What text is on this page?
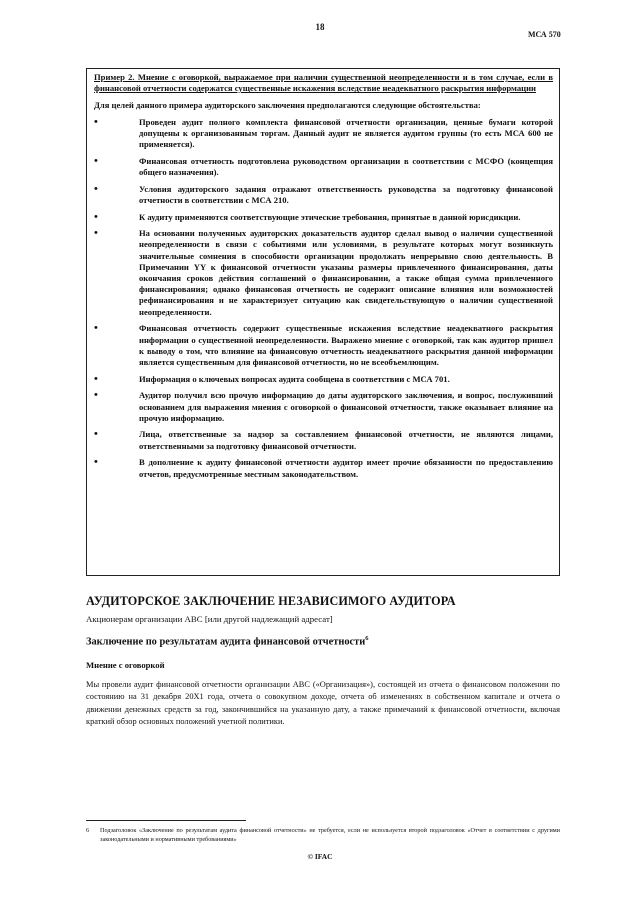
18
МСА 570

Пример 2. Мнение с оговоркой, выражаемое при наличии существенной неопределенности и в том случае, если в финансовой отчетности содержатся существенные искажения вследствие неадекватного раскрытия информации

Для целей данного примера аудиторского заключения предполагаются следующие обстоятельства:

• Проведен аудит полного комплекта финансовой отчетности организации, ценные бумаги которой допущены к организованным торгам. Данный аудит не является аудитом группы (то есть МСА 600 не применяется).
• Финансовая отчетность подготовлена руководством организации в соответствии с МСФО (концепция общего назначения).
• Условия аудиторского задания отражают ответственность руководства за подготовку финансовой отчетности в соответствии с МСА 210.
• К аудиту применяются соответствующие этические требования, принятые в данной юрисдикции.
• На основании полученных аудиторских доказательств аудитор сделал вывод о наличии существенной неопределенности в связи с событиями или условиями, в результате которых могут возникнуть значительные сомнения в способности организации продолжать непрерывно свою деятельность. В Примечании YY к финансовой отчетности указаны размеры привлеченного финансирования, даты окончания сроков действия соглашений о финансировании, а также общая сумма привлеченного финансирования; однако финансовая отчетность не содержит описание влияния или возможностей рефинансирования и не характеризует ситуацию как свидетельствующую о наличии существенной неопределенности.
• Финансовая отчетность содержит существенные искажения вследствие неадекватного раскрытия информации о существенной неопределенности. Выражено мнение с оговоркой, так как аудитор пришел к выводу о том, что влияние на финансовую отчетность неадекватного раскрытия данной информации является существенным для финансовой отчетности, но не всеобъемлющим.
• Информация о ключевых вопросах аудита сообщена в соответствии с МСА 701.
• Аудитор получил всю прочую информацию до даты аудиторского заключения, и вопрос, послуживший основанием для выражения мнения с оговоркой о финансовой отчетности, также оказывает влияние на прочую информацию.
• Лица, ответственные за надзор за составлением финансовой отчетности, не являются лицами, ответственными за подготовку финансовой отчетности.
• В дополнение к аудиту финансовой отчетности аудитор имеет прочие обязанности по предоставлению отчетов, предусмотренные местным законодательством.
АУДИТОРСКОЕ ЗАКЛЮЧЕНИЕ НЕЗАВИСИМОГО АУДИТОРА

Акционерам организации ABC [или другой надлежащий адресат]

Заключение по результатам аудита финансовой отчетности$^6$
Мнение с оговоркой

Мы провели аудит финансовой отчетности организации ABC («Организация»), состоящей из отчета о финансовом положении по состоянию на 31 декабря 20Х1 года, отчета о совокупном доходе, отчета об изменениях в собственном капитале и отчета о движении денежных средств за год, закончившийся на указанную дату, а также примечаний к финансовой отчетности, включая краткий обзор основных положений учетной политики.

6	Подзаголовок «Заключение по результатам аудита финансовой отчетности» не требуется, если не используется второй подзаголовок «Отчет в соответствии с другими законодательными и нормативными требованиями»
© IFAC
